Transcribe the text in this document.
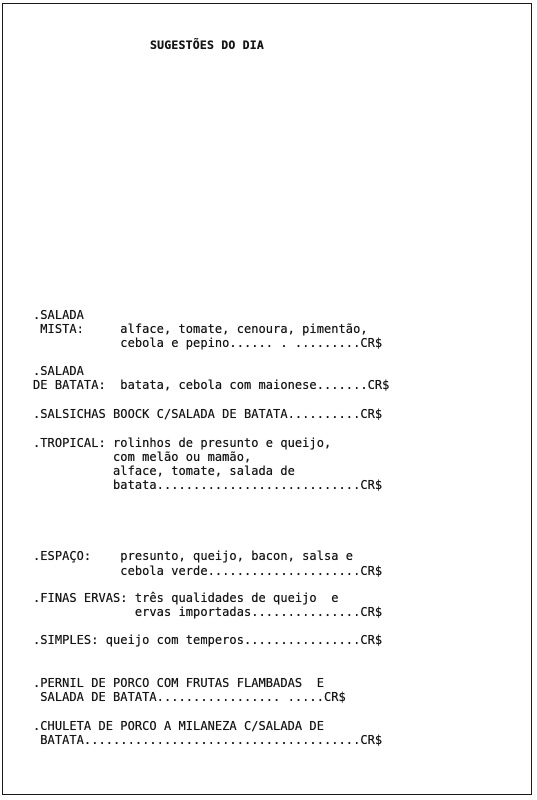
SUGESTÕES DO DIA
.SALADA
MISTA:     alface, tomate, cenoura, pimentão,
cebola e pepino...... . .........CR$
.SALADA
DE BATATA:  batata, cebola com maionese.......CR$
.SALSICHAS BOOCK C/SALADA DE BATATA..........CR$
.TROPICAL: rolinhos de presunto e queijo,
com melão ou mamão,
alface, tomate, salada de
batata............................CR$
.ESPAÇO:    presunto, queijo, bacon, salsa e
cebola verde.....................CR$
.FINAS ERVAS: três qualidades de queijo  e
ervas importadas...............CR$
.SIMPLES: queijo com temperos................CR$
.PERNIL DE PORCO COM FRUTAS FLAMBADAS  E
SALADA DE BATATA................. .....CR$
.CHULETA DE PORCO A MILANEZA C/SALADA DE
BATATA......................................CR$
